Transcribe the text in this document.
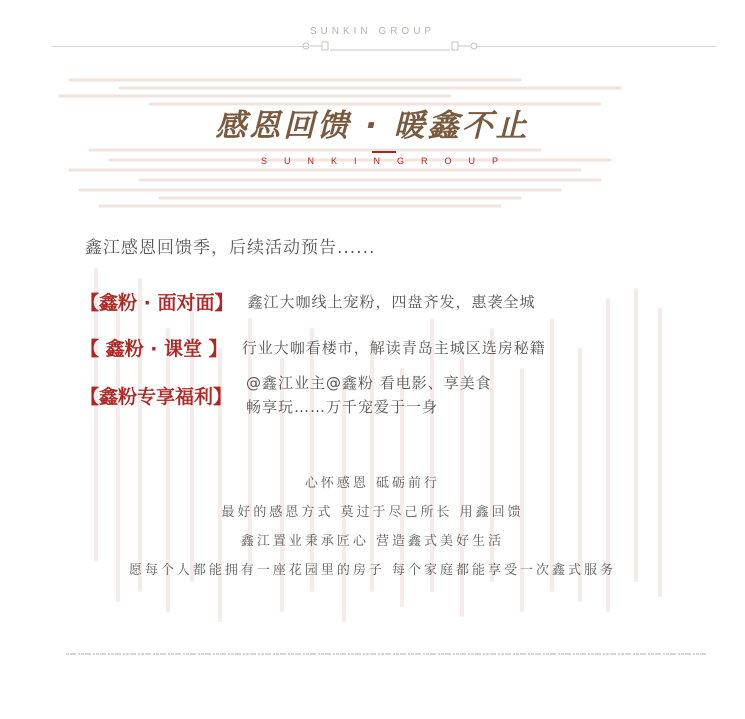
SUNKIN GROUP
感恩回馈 · 暖鑫不止
SUNKINGROUP
鑫江感恩回馈季，后续活动预告......
【鑫粉 · 面对面】 鑫江大咖线上宠粉，四盘齐发，惠袭全城
【 鑫粉 · 课堂 】 行业大咖看楼市，解读青岛主城区选房秘籍
【鑫粉专享福利】
@鑫江业主@鑫粉 看电影、享美食
畅享玩……万千宠爱于一身
心怀感恩 砥砺前行
最好的感恩方式 莫过于尽己所长 用鑫回馈
鑫江置业秉承匠心 营造鑫式美好生活
愿每个人都能拥有一座花园里的房子 每个家庭都能享受一次鑫式服务
